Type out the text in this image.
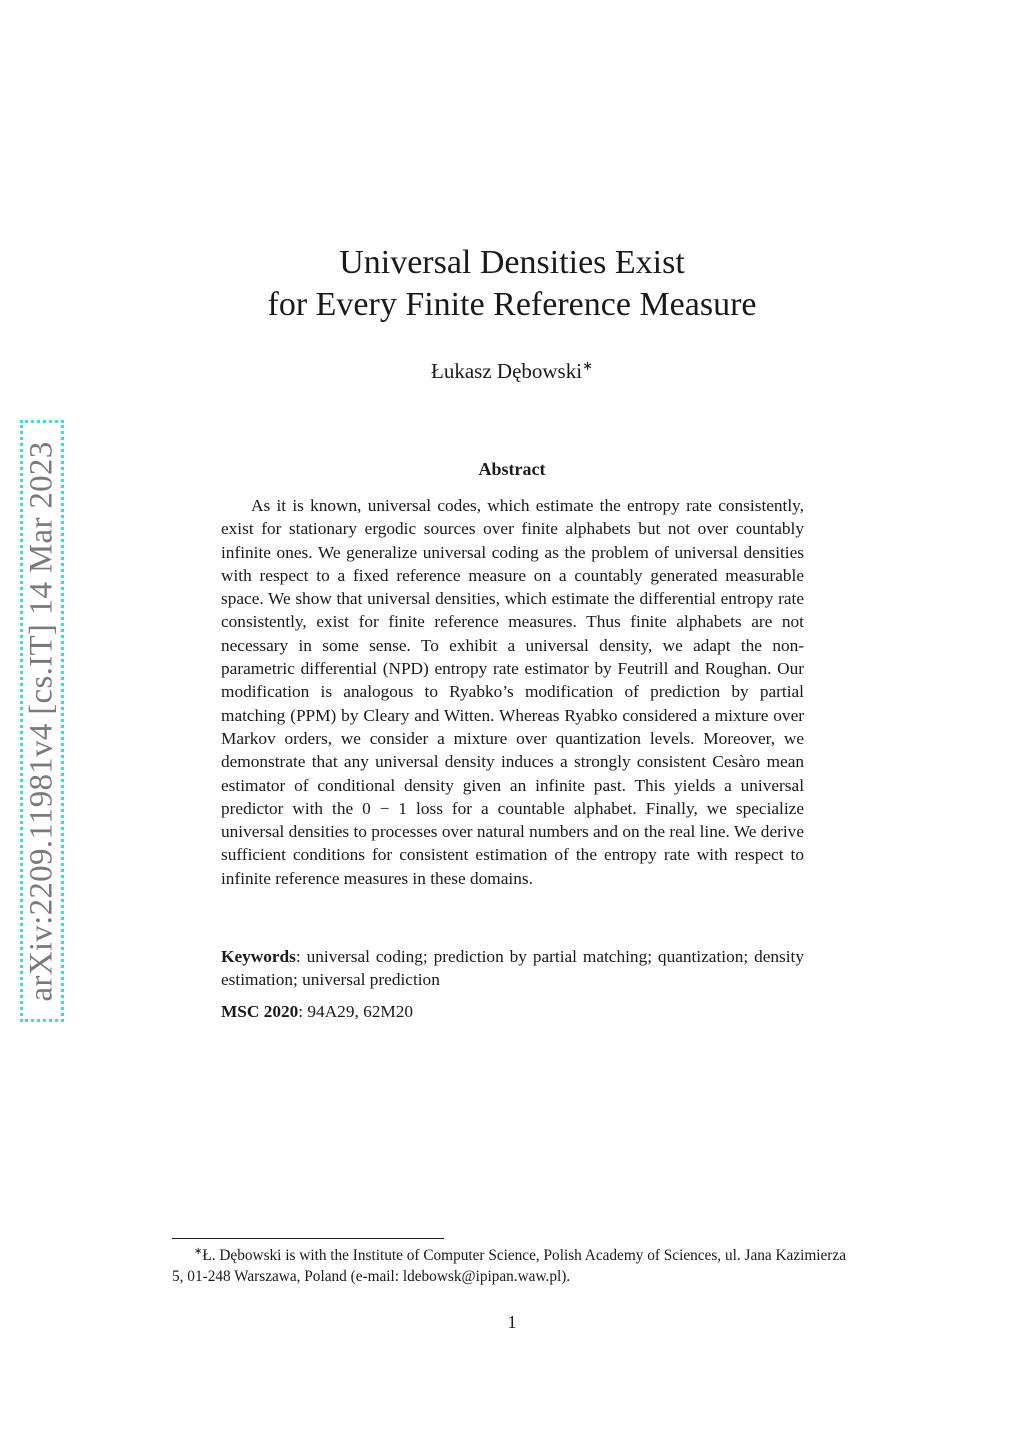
arXiv:2209.11981v4 [cs.IT] 14 Mar 2023
Universal Densities Exist
for Every Finite Reference Measure
Łukasz Dębowski∗
Abstract

As it is known, universal codes, which estimate the entropy rate consistently, exist for stationary ergodic sources over finite alphabets but not over countably infinite ones. We generalize universal coding as the problem of universal densities with respect to a fixed reference measure on a countably generated measurable space. We show that universal densities, which estimate the differential entropy rate consistently, exist for finite reference measures. Thus finite alphabets are not necessary in some sense. To exhibit a universal density, we adapt the non-parametric differential (NPD) entropy rate estimator by Feutrill and Roughan. Our modification is analogous to Ryabko’s modification of prediction by partial matching (PPM) by Cleary and Witten. Whereas Ryabko considered a mixture over Markov orders, we consider a mixture over quantization levels. Moreover, we demonstrate that any universal density induces a strongly consistent Cesàro mean estimator of conditional density given an infinite past. This yields a universal predictor with the 0 − 1 loss for a countable alphabet. Finally, we specialize universal densities to processes over natural numbers and on the real line. We derive sufficient conditions for consistent estimation of the entropy rate with respect to infinite reference measures in these domains.

Keywords: universal coding; prediction by partial matching; quantization; density estimation; universal prediction

MSC 2020: 94A29, 62M20

∗Ł. Dębowski is with the Institute of Computer Science, Polish Academy of Sciences, ul. Jana Kazimierza 5, 01-248 Warszawa, Poland (e-mail: ldebowsk@ipipan.waw.pl).

1
